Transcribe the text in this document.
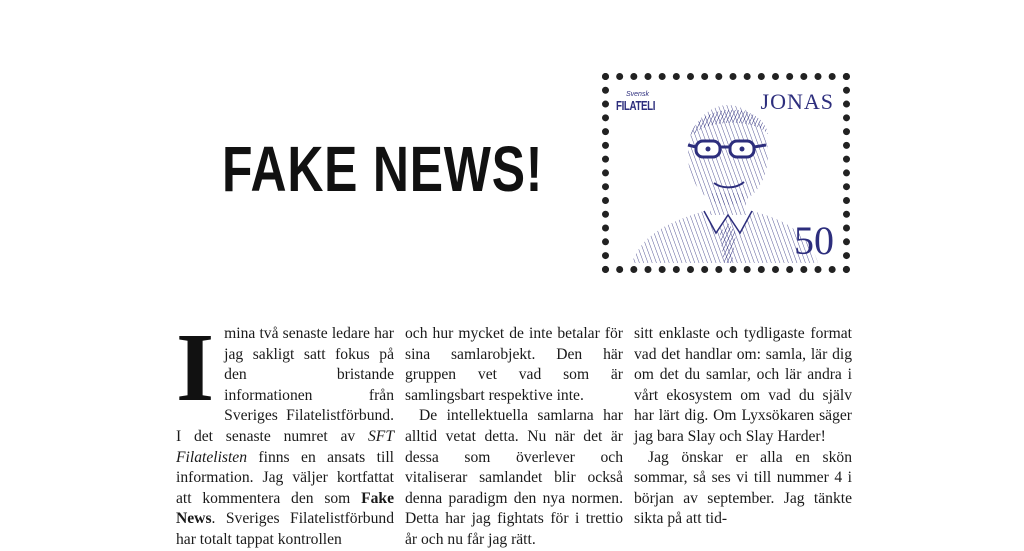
FAKE NEWS!
Svensk
FILATELI	JONAS
50

Imina två senaste ledare har jag sakligt satt fokus på den bristande informationen från Sveriges Filatelistförbund. I det senaste numret av SFT Filatelisten finns en ansats till information. Jag väljer kortfattat att kommentera den som Fake News. Sveriges Filatelistförbund har totalt tappat kontrollen

och hur mycket de inte betalar för sina samlarobjekt. Den här gruppen vet vad som är samlingsbart respektive inte.

De intellektuella samlarna har alltid vetat detta. Nu när det är dessa som överlever och vitaliserar samlandet blir också denna paradigm den nya normen. Detta har jag fightats för i trettio år och nu får jag rätt.

sitt enklaste och tydligaste format vad det handlar om: samla, lär dig om det du samlar, och lär andra i vårt ekosystem om vad du själv har lärt dig. Om Lyxsökaren säger jag bara Slay och Slay Harder!

Jag önskar er alla en skön sommar, så ses vi till nummer 4 i början av september. Jag tänkte sikta på att tid-
